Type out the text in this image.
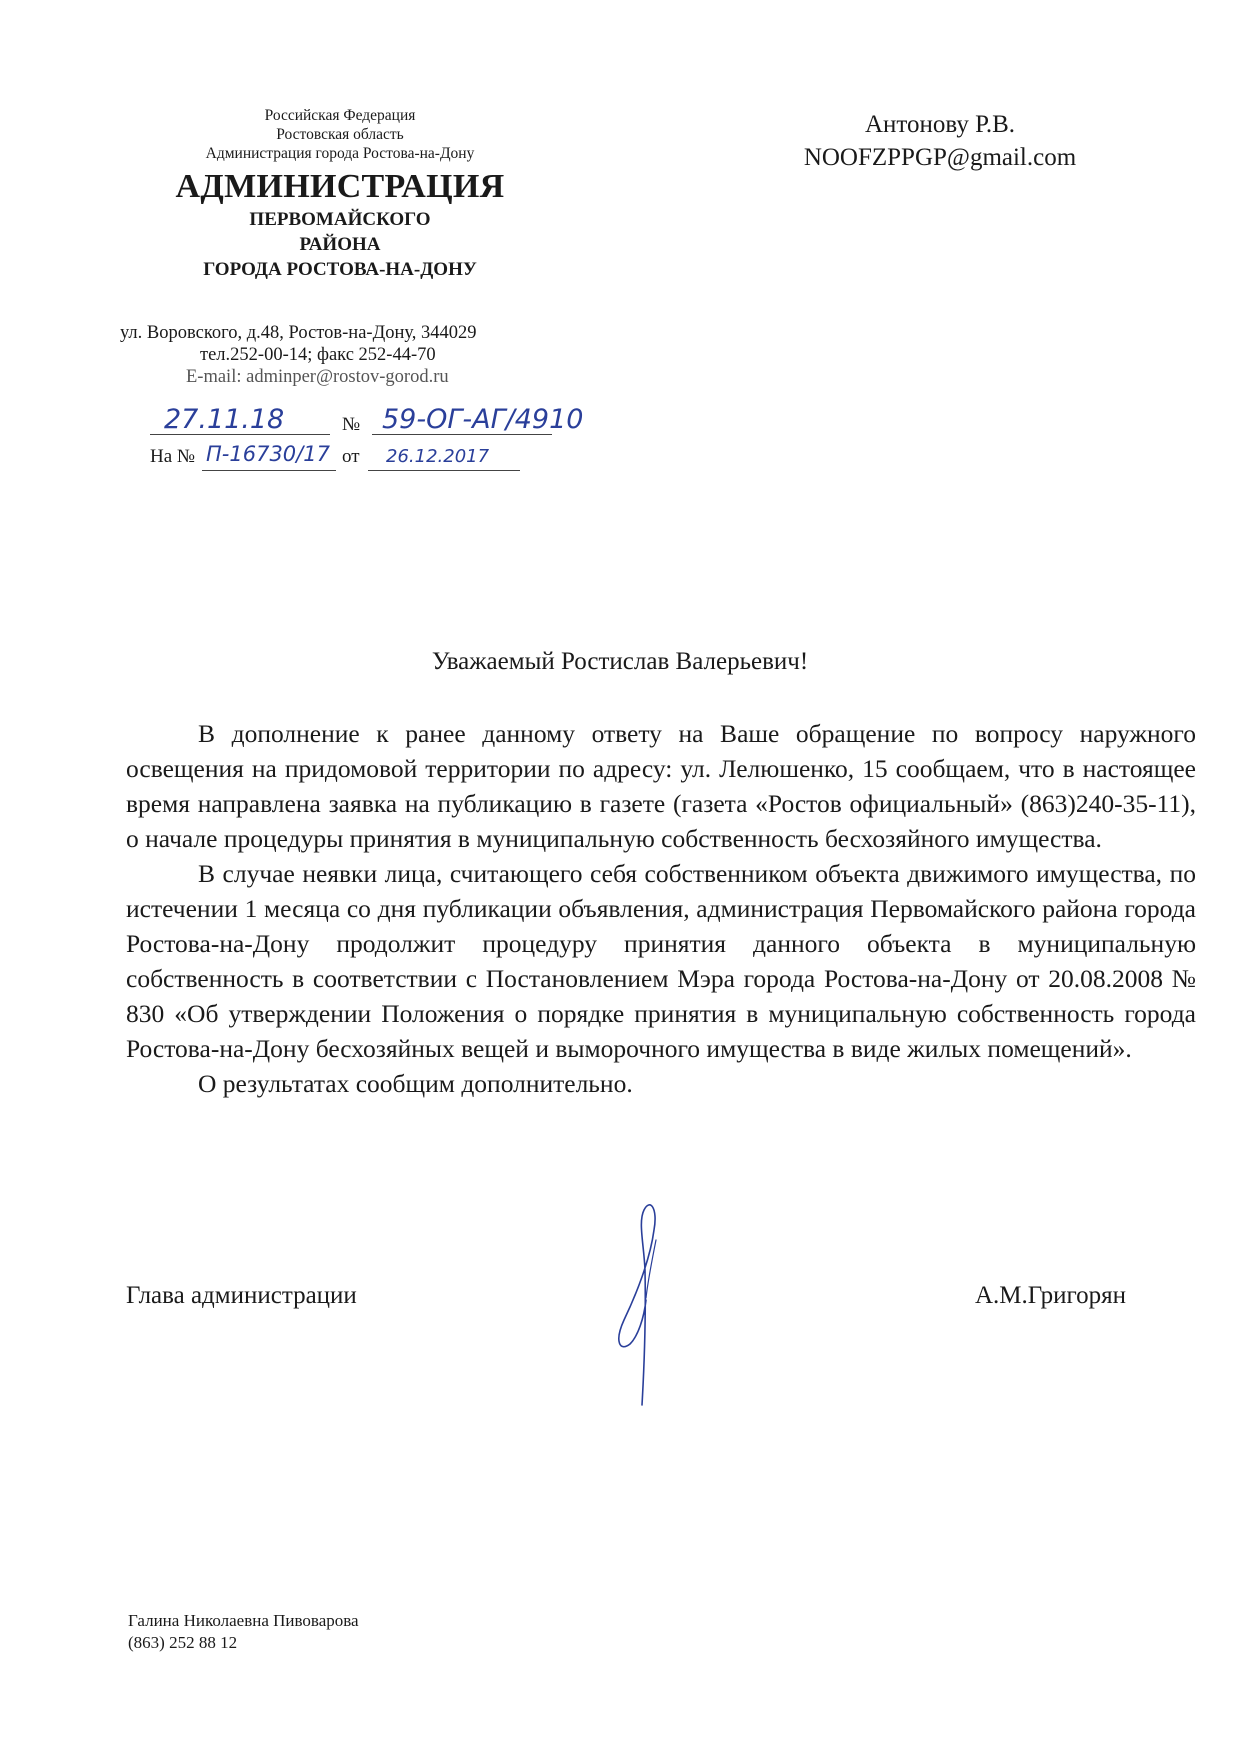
Российская Федерация
Ростовская область
Администрация города Ростова-на-Дону
АДМИНИСТРАЦИЯ
ПЕРВОМАЙСКОГО
РАЙОНА
ГОРОДА РОСТОВА-НА-ДОНУ
ул. Воровского, д.48, Ростов-на-Дону, 344029
тел.252-00-14; факс 252-44-70
E-mail: adminper@rostov-gorod.ru
Антонову Р.В.
NOOFZPPGP@gmail.com
27.11.18	№ 59-ОГ-АГ/4910
На № П-16730/17 от 26.12.2017
Уважаемый Ростислав Валерьевич!

В дополнение к ранее данному ответу на Ваше обращение по вопросу наружного освещения на придомовой территории по адресу: ул. Лелюшенко, 15 сообщаем, что в настоящее время направлена заявка на публикацию в газете (газета «Ростов официальный» (863)240-35-11), о начале процедуры принятия в муниципальную собственность бесхозяйного имущества.

В случае неявки лица, считающего себя собственником объекта движимого имущества, по истечении 1 месяца со дня публикации объявления, администрация Первомайского района города Ростова-на-Дону продолжит процедуру принятия данного объекта в муниципальную собственность в соответствии с Постановлением Мэра города Ростова-на-Дону от 20.08.2008 № 830 «Об утверждении Положения о порядке принятия в муниципальную собственность города Ростова-на-Дону бесхозяйных вещей и выморочного имущества в виде жилых помещений».

О результатах сообщим дополнительно.

Глава администрации	А.М.Григорян
Галина Николаевна Пивоварова
(863) 252 88 12
